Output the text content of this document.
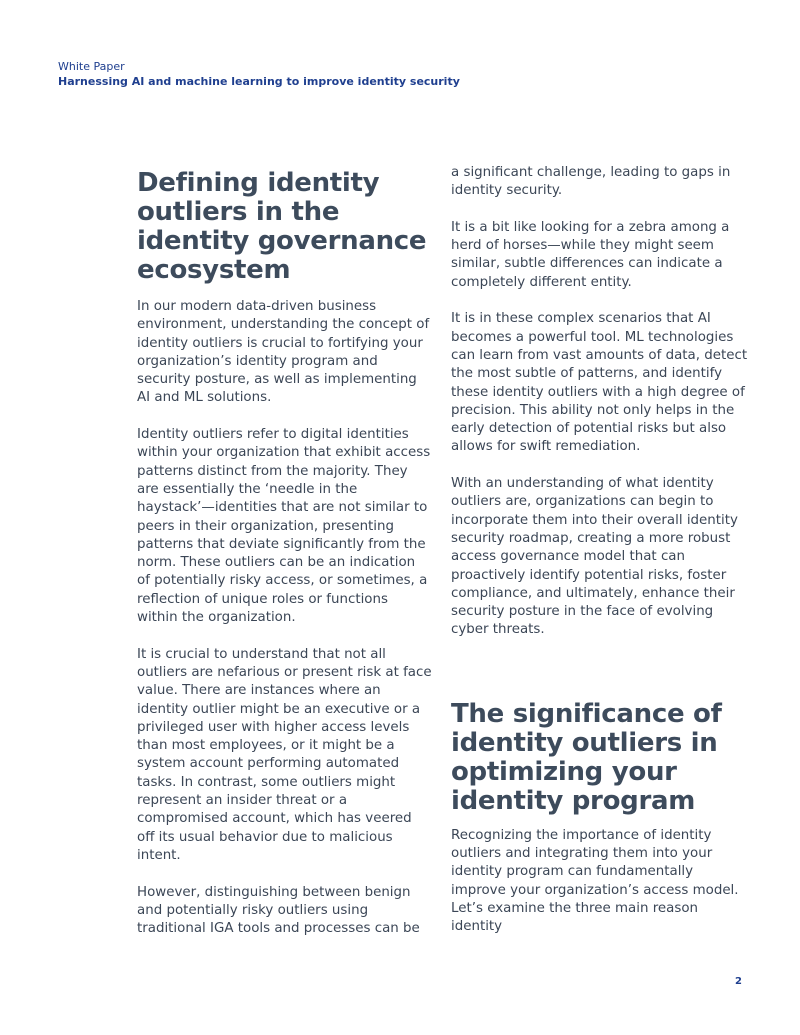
White Paper
Harnessing AI and machine learning to improve identity security
Defining identity outliers in the identity governance ecosystem

In our modern data-driven business environment, understanding the concept of identity outliers is crucial to fortifying your organization’s identity program and security posture, as well as implementing AI and ML solutions.

Identity outliers refer to digital identities within your organization that exhibit access patterns distinct from the majority. They are essentially the ‘needle in the haystack’—identities that are not similar to peers in their organization, presenting patterns that deviate significantly from the norm. These outliers can be an indication of potentially risky access, or sometimes, a reflection of unique roles or functions within the organization.

It is crucial to understand that not all outliers are nefarious or present risk at face value. There are instances where an identity outlier might be an executive or a privileged user with higher access levels than most employees, or it might be a system account performing automated tasks. In contrast, some outliers might represent an insider threat or a compromised account, which has veered off its usual behavior due to malicious intent.

However, distinguishing between benign and potentially risky outliers using traditional IGA tools and processes can be

a significant challenge, leading to gaps in identity security.

It is a bit like looking for a zebra among a herd of horses—while they might seem similar, subtle differences can indicate a completely different entity.

It is in these complex scenarios that AI becomes a powerful tool. ML technologies can learn from vast amounts of data, detect the most subtle of patterns, and identify these identity outliers with a high degree of precision. This ability not only helps in the early detection of potential risks but also allows for swift remediation.

With an understanding of what identity outliers are, organizations can begin to incorporate them into their overall identity security roadmap, creating a more robust access governance model that can proactively identify potential risks, foster compliance, and ultimately, enhance their security posture in the face of evolving cyber threats.

The significance of identity outliers in optimizing your identity program

Recognizing the importance of identity outliers and integrating them into your identity program can fundamentally improve your organization’s access model. Let’s examine the three main reason identity

2
